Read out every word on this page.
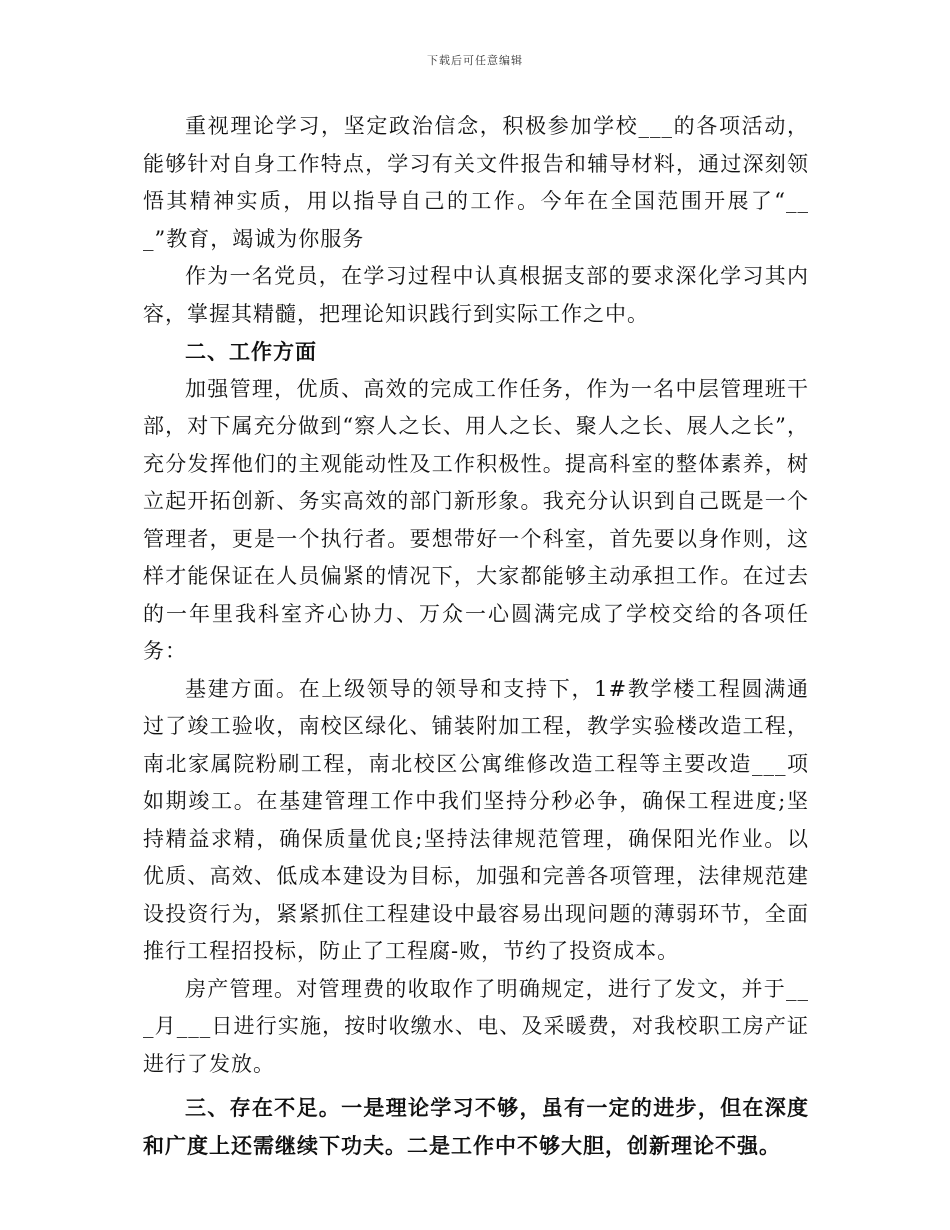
下载后可任意编辑

重视理论学习，坚定政治信念，积极参加学校___的各项活动，能够针对自身工作特点，学习有关文件报告和辅导材料，通过深刻领悟其精神实质，用以指导自己的工作。今年在全国范围开展了“___”教育，竭诚为你服务

作为一名党员，在学习过程中认真根据支部的要求深化学习其内容，掌握其精髓，把理论知识践行到实际工作之中。

二、工作方面

加强管理，优质、高效的完成工作任务，作为一名中层管理班干部，对下属充分做到“察人之长、用人之长、聚人之长、展人之长”，充分发挥他们的主观能动性及工作积极性。提高科室的整体素养，树立起开拓创新、务实高效的部门新形象。我充分认识到自己既是一个管理者，更是一个执行者。要想带好一个科室，首先要以身作则，这样才能保证在人员偏紧的情况下，大家都能够主动承担工作。在过去的一年里我科室齐心协力、万众一心圆满完成了学校交给的各项任务：

基建方面。在上级领导的领导和支持下，1#教学楼工程圆满通过了竣工验收，南校区绿化、铺装附加工程，教学实验楼改造工程，南北家属院粉刷工程，南北校区公寓维修改造工程等主要改造___项如期竣工。在基建管理工作中我们坚持分秒必争，确保工程进度;坚持精益求精，确保质量优良;坚持法律规范管理，确保阳光作业。以优质、高效、低成本建设为目标，加强和完善各项管理，法律规范建设投资行为，紧紧抓住工程建设中最容易出现问题的薄弱环节，全面推行工程招投标，防止了工程腐-败，节约了投资成本。

房产管理。对管理费的收取作了明确规定，进行了发文，并于___月___日进行实施，按时收缴水、电、及采暖费，对我校职工房产证进行了发放。

三、存在不足。一是理论学习不够，虽有一定的进步，但在深度和广度上还需继续下功夫。二是工作中不够大胆，创新理论不强。
